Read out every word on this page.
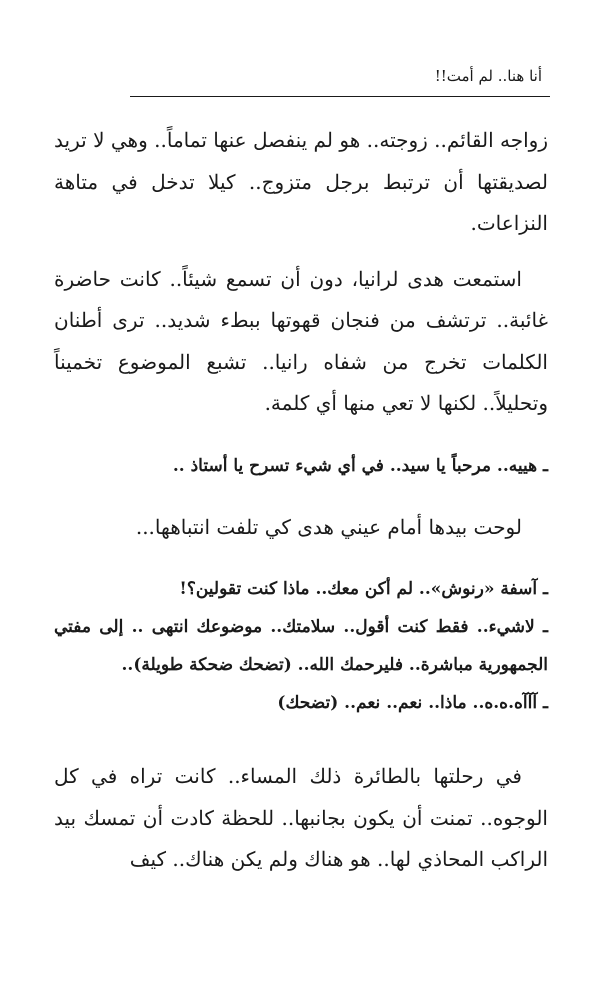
أنا هنا.. لم أمت!!

زواجه القائم.. زوجته.. هو لم ينفصل عنها تماماً.. وهي لا تريد لصديقتها أن ترتبط برجل متزوج.. كيلا تدخل في متاهة النزاعات.

استمعت هدى لرانيا، دون أن تسمع شيئاً.. كانت حاضرة غائبة.. ترتشف من فنجان قهوتها ببطء شديد.. ترى أطنان الكلمات تخرج من شفاه رانيا.. تشبع الموضوع تخميناً وتحليلاً.. لكنها لا تعي منها أي كلمة.

ـ هييه.. مرحباً يا سيد.. في أي شيء تسرح يا أستاذ ..

لوحت بيدها أمام عيني هدى كي تلفت انتباهها...

ـ آسفة «رنوش».. لم أكن معك.. ماذا كنت تقولين؟!

ـ لاشيء.. فقط كنت أقول.. سلامتك.. موضوعك انتهى .. إلى مفتي الجمهورية مباشرة.. فليرحمك الله.. (تضحك ضحكة طويلة)..

ـ آآآه.ه.ه.. ماذا.. نعم.. نعم.. (تضحك)

في رحلتها بالطائرة ذلك المساء.. كانت تراه في كل الوجوه.. تمنت أن يكون بجانبها.. للحظة كادت أن تمسك بيد الراكب المحاذي لها.. هو هناك ولم يكن هناك.. كيف
